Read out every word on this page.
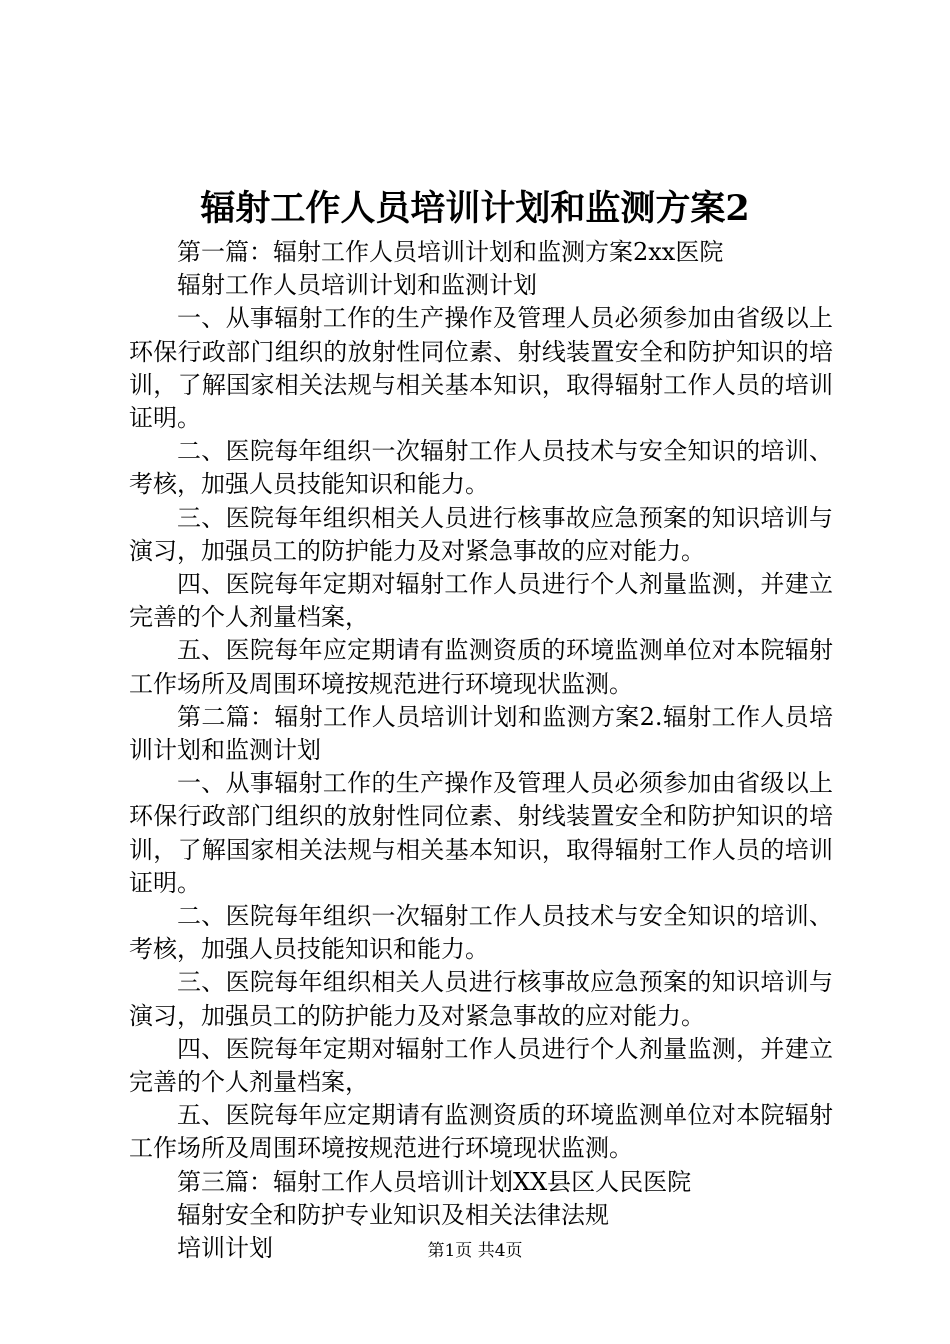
辐射工作人员培训计划和监测方案2

第一篇：辐射工作人员培训计划和监测方案2xx医院

辐射工作人员培训计划和监测计划

一、从事辐射工作的生产操作及管理人员必须参加由省级以上环保行政部门组织的放射性同位素、射线装置安全和防护知识的培训，了解国家相关法规与相关基本知识，取得辐射工作人员的培训证明。

二、医院每年组织一次辐射工作人员技术与安全知识的培训、考核，加强人员技能知识和能力。

三、医院每年组织相关人员进行核事故应急预案的知识培训与演习，加强员工的防护能力及对紧急事故的应对能力。

四、医院每年定期对辐射工作人员进行个人剂量监测，并建立完善的个人剂量档案，

五、医院每年应定期请有监测资质的环境监测单位对本院辐射工作场所及周围环境按规范进行环境现状监测。

第二篇：辐射工作人员培训计划和监测方案2.辐射工作人员培训计划和监测计划

一、从事辐射工作的生产操作及管理人员必须参加由省级以上环保行政部门组织的放射性同位素、射线装置安全和防护知识的培训，了解国家相关法规与相关基本知识，取得辐射工作人员的培训证明。

二、医院每年组织一次辐射工作人员技术与安全知识的培训、考核，加强人员技能知识和能力。

三、医院每年组织相关人员进行核事故应急预案的知识培训与演习，加强员工的防护能力及对紧急事故的应对能力。

四、医院每年定期对辐射工作人员进行个人剂量监测，并建立完善的个人剂量档案，

五、医院每年应定期请有监测资质的环境监测单位对本院辐射工作场所及周围环境按规范进行环境现状监测。

第三篇：辐射工作人员培训计划XX县区人民医院

辐射安全和防护专业知识及相关法律法规

培训计划	第1页 共4页
